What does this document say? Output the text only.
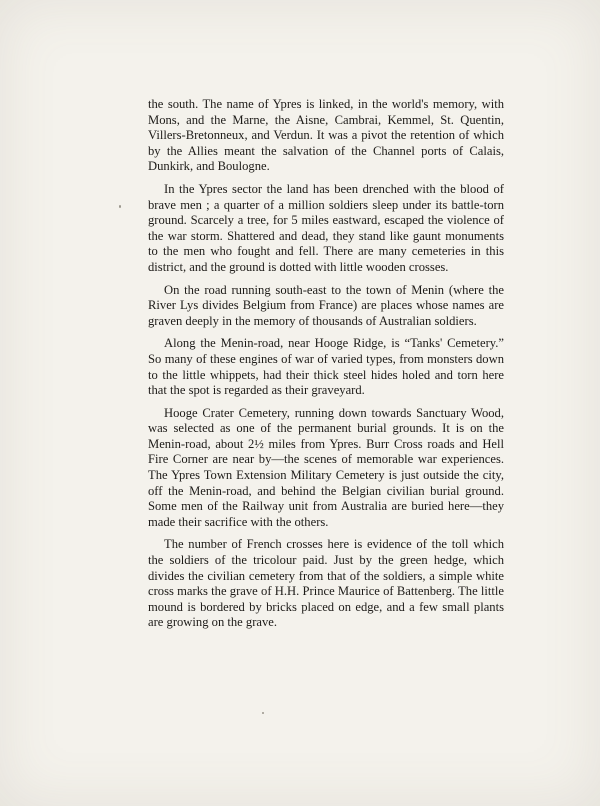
the south. The name of Ypres is linked, in the world's memory, with Mons, and the Marne, the Aisne, Cambrai, Kemmel, St. Quentin, Villers-Bretonneux, and Verdun. It was a pivot the retention of which by the Allies meant the salvation of the Channel ports of Calais, Dunkirk, and Boulogne.

In the Ypres sector the land has been drenched with the blood of brave men ; a quarter of a million soldiers sleep under its battle-torn ground. Scarcely a tree, for 5 miles eastward, escaped the violence of the war storm. Shattered and dead, they stand like gaunt monuments to the men who fought and fell. There are many cemeteries in this district, and the ground is dotted with little wooden crosses.

On the road running south-east to the town of Menin (where the River Lys divides Belgium from France) are places whose names are graven deeply in the memory of thousands of Australian soldiers.

Along the Menin-road, near Hooge Ridge, is “Tanks' Cemetery.” So many of these engines of war of varied types, from monsters down to the little whippets, had their thick steel hides holed and torn here that the spot is regarded as their graveyard.

Hooge Crater Cemetery, running down towards Sanctuary Wood, was selected as one of the permanent burial grounds. It is on the Menin-road, about 2½ miles from Ypres. Burr Cross roads and Hell Fire Corner are near by—the scenes of memorable war experiences. The Ypres Town Extension Military Cemetery is just outside the city, off the Menin-road, and behind the Belgian civilian burial ground. Some men of the Railway unit from Australia are buried here—they made their sacrifice with the others.

The number of French crosses here is evidence of the toll which the soldiers of the tricolour paid. Just by the green hedge, which divides the civilian cemetery from that of the soldiers, a simple white cross marks the grave of H.H. Prince Maurice of Battenberg. The little mound is bordered by bricks placed on edge, and a few small plants are growing on the grave.
